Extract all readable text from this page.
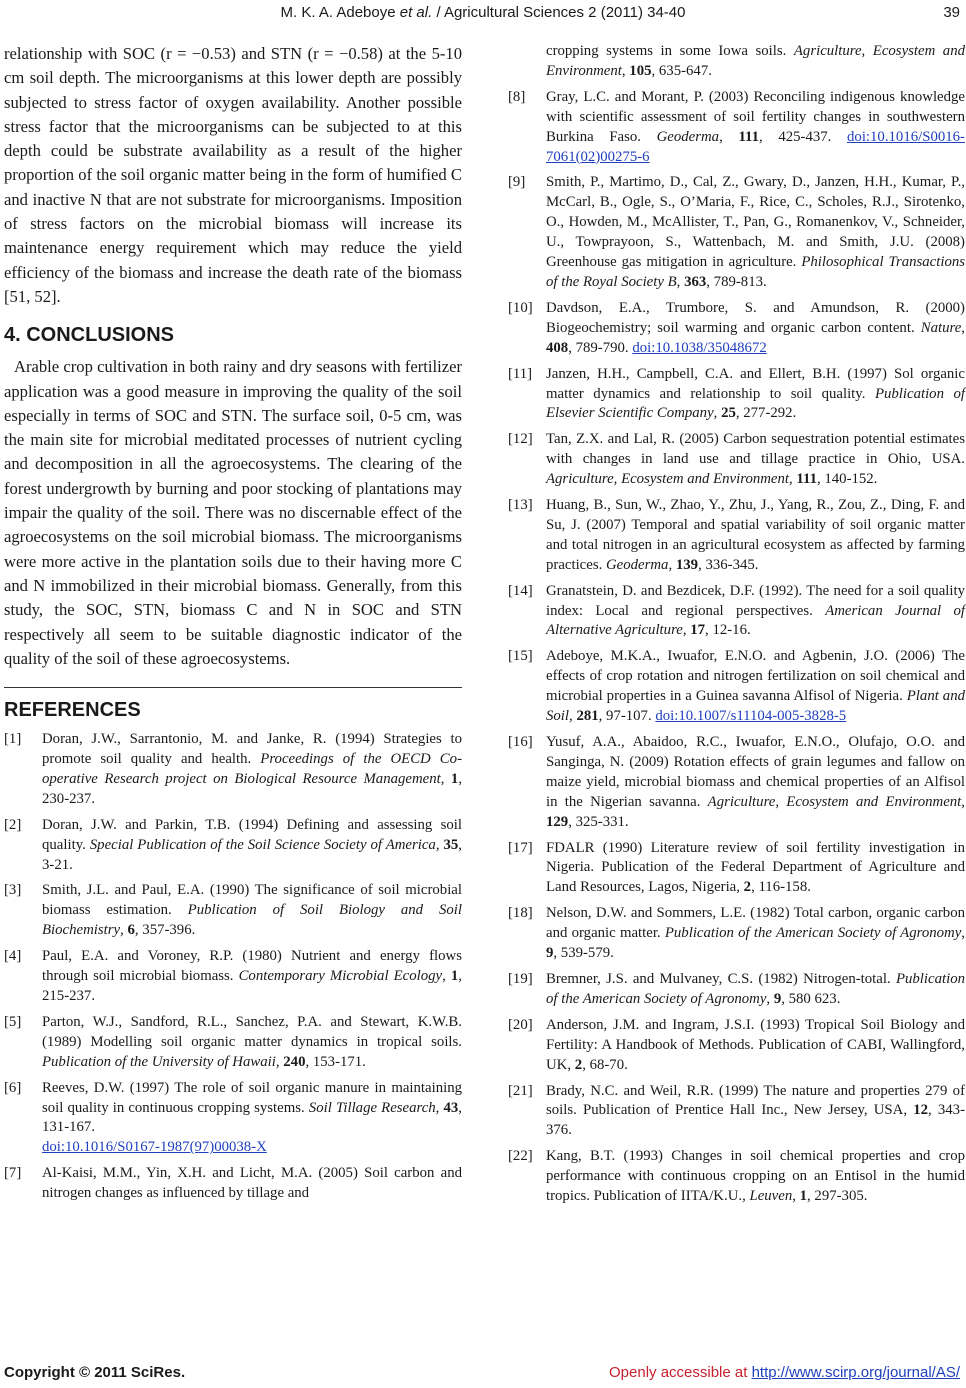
M. K. A. Adeboye et al. / Agricultural Sciences 2 (2011) 34-40	39

relationship with SOC (r = −0.53) and STN (r = −0.58) at the 5-10 cm soil depth. The microorganisms at this lower depth are possibly subjected to stress factor of oxygen availability. Another possible stress factor that the microorganisms can be subjected to at this depth could be substrate availability as a result of the higher proportion of the soil organic matter being in the form of humified C and inactive N that are not substrate for microorganisms. Imposition of stress factors on the microbial biomass will increase its maintenance energy requirement which may reduce the yield efficiency of the biomass and increase the death rate of the biomass [51, 52].

4. CONCLUSIONS

Arable crop cultivation in both rainy and dry seasons with fertilizer application was a good measure in improving the quality of the soil especially in terms of SOC and STN. The surface soil, 0-5 cm, was the main site for microbial meditated processes of nutrient cycling and decomposition in all the agroecosystems. The clearing of the forest undergrowth by burning and poor stocking of plantations may impair the quality of the soil. There was no discernable effect of the agroecosystems on the soil microbial biomass. The microorganisms were more active in the plantation soils due to their having more C and N immobilized in their microbial biomass. Generally, from this study, the SOC, STN, biomass C and N in SOC and STN respectively all seem to be suitable diagnostic indicator of the quality of the soil of these agroecosystems.

REFERENCES

[1] Doran, J.W., Sarrantonio, M. and Janke, R. (1994) Strategies to promote soil quality and health. Proceedings of the OECD Co-operative Research project on Biological Resource Management, 1, 230-237.

[2] Doran, J.W. and Parkin, T.B. (1994) Defining and assessing soil quality. Special Publication of the Soil Science Society of America, 35, 3-21.

[3] Smith, J.L. and Paul, E.A. (1990) The significance of soil microbial biomass estimation. Publication of Soil Biology and Soil Biochemistry, 6, 357-396.

[4] Paul, E.A. and Voroney, R.P. (1980) Nutrient and energy flows through soil microbial biomass. Contemporary Microbial Ecology, 1, 215-237.

[5] Parton, W.J., Sandford, R.L., Sanchez, P.A. and Stewart, K.W.B. (1989) Modelling soil organic matter dynamics in tropical soils. Publication of the University of Hawaii, 240, 153-171.

[6] Reeves, D.W. (1997) The role of soil organic manure in maintaining soil quality in continuous cropping systems. Soil Tillage Research, 43, 131-167.
doi:10.1016/S0167-1987(97)00038-X

[7] Al-Kaisi, M.M., Yin, X.H. and Licht, M.A. (2005) Soil carbon and nitrogen changes as influenced by tillage and

cropping systems in some Iowa soils. Agriculture, Ecosystem and Environment, 105, 635-647.

[8] Gray, L.C. and Morant, P. (2003) Reconciling indigenous knowledge with scientific assessment of soil fertility changes in southwestern Burkina Faso. Geoderma, 111, 425-437. doi:10.1016/S0016-7061(02)00275-6

[9] Smith, P., Martimo, D., Cal, Z., Gwary, D., Janzen, H.H., Kumar, P., McCarl, B., Ogle, S., O’Maria, F., Rice, C., Scholes, R.J., Sirotenko, O., Howden, M., McAllister, T., Pan, G., Romanenkov, V., Schneider, U., Towprayoon, S., Wattenbach, M. and Smith, J.U. (2008) Greenhouse gas mitigation in agriculture. Philosophical Transactions of the Royal Society B, 363, 789-813.

[10] Davdson, E.A., Trumbore, S. and Amundson, R. (2000) Biogeochemistry; soil warming and organic carbon content. Nature, 408, 789-790. doi:10.1038/35048672

[11] Janzen, H.H., Campbell, C.A. and Ellert, B.H. (1997) Sol organic matter dynamics and relationship to soil quality. Publication of Elsevier Scientific Company, 25, 277-292.

[12] Tan, Z.X. and Lal, R. (2005) Carbon sequestration potential estimates with changes in land use and tillage practice in Ohio, USA. Agriculture, Ecosystem and Environment, 111, 140-152.

[13] Huang, B., Sun, W., Zhao, Y., Zhu, J., Yang, R., Zou, Z., Ding, F. and Su, J. (2007) Temporal and spatial variability of soil organic matter and total nitrogen in an agricultural ecosystem as affected by farming practices. Geoderma, 139, 336-345.

[14] Granatstein, D. and Bezdicek, D.F. (1992). The need for a soil quality index: Local and regional perspectives. American Journal of Alternative Agriculture, 17, 12-16.

[15] Adeboye, M.K.A., Iwuafor, E.N.O. and Agbenin, J.O. (2006) The effects of crop rotation and nitrogen fertilization on soil chemical and microbial properties in a Guinea savanna Alfisol of Nigeria. Plant and Soil, 281, 97-107. doi:10.1007/s11104-005-3828-5

[16] Yusuf, A.A., Abaidoo, R.C., Iwuafor, E.N.O., Olufajo, O.O. and Sanginga, N. (2009) Rotation effects of grain legumes and fallow on maize yield, microbial biomass and chemical properties of an Alfisol in the Nigerian savanna. Agriculture, Ecosystem and Environment, 129, 325-331.

[17] FDALR (1990) Literature review of soil fertility investigation in Nigeria. Publication of the Federal Department of Agriculture and Land Resources, Lagos, Nigeria, 2, 116-158.

[18] Nelson, D.W. and Sommers, L.E. (1982) Total carbon, organic carbon and organic matter. Publication of the American Society of Agronomy, 9, 539-579.

[19] Bremner, J.S. and Mulvaney, C.S. (1982) Nitrogen-total. Publication of the American Society of Agronomy, 9, 580 623.

[20] Anderson, J.M. and Ingram, J.S.I. (1993) Tropical Soil Biology and Fertility: A Handbook of Methods. Publication of CABI, Wallingford, UK, 2, 68-70.

[21] Brady, N.C. and Weil, R.R. (1999) The nature and properties 279 of soils. Publication of Prentice Hall Inc., New Jersey, USA, 12, 343-376.

[22] Kang, B.T. (1993) Changes in soil chemical properties and crop performance with continuous cropping on an Entisol in the humid tropics. Publication of IITA/K.U., Leuven, 1, 297-305.

Copyright © 2011 SciRes.	Openly accessible at http://www.scirp.org/journal/AS/
